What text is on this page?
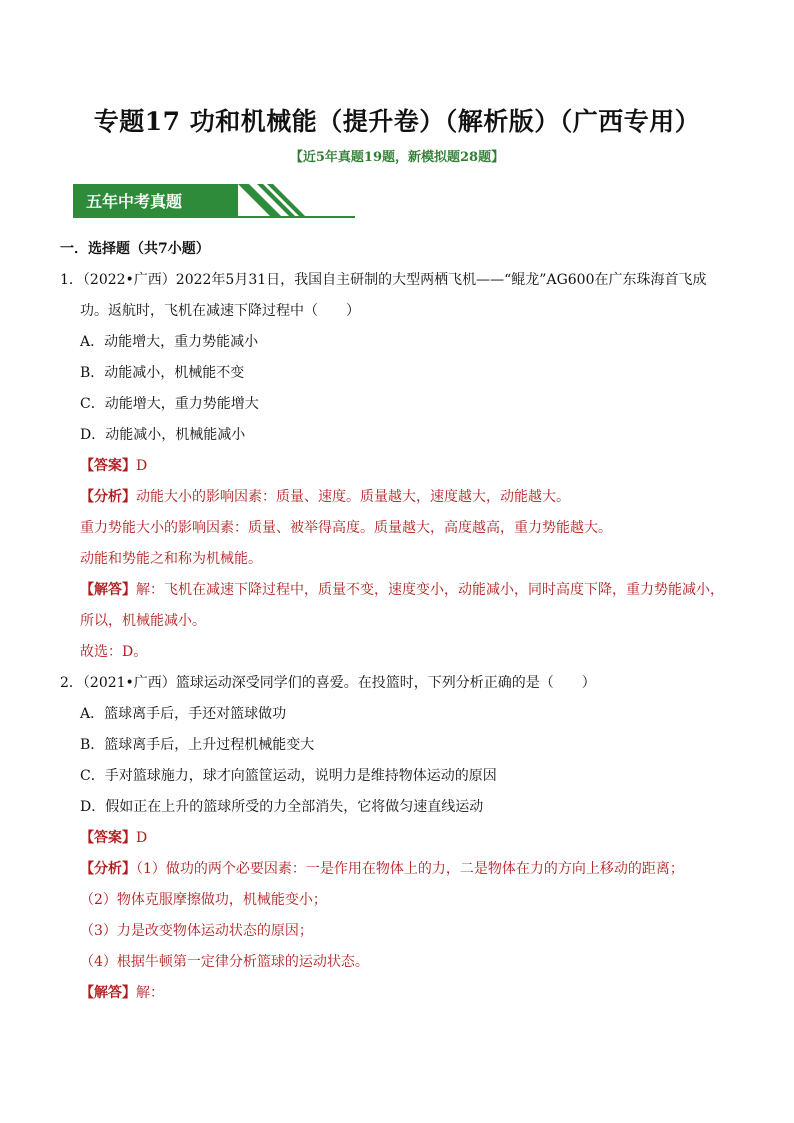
专题17 功和机械能（提升卷）（解析版）（广西专用）
【近5年真题19题，新模拟题28题】
五年中考真题
一．选择题（共7小题）
1．（2022•广西）2022年5月31日，我国自主研制的大型两栖飞机——“鲲龙”AG600在广东珠海首飞成
功。返航时，飞机在减速下降过程中（　　）
A．动能增大，重力势能减小
B．动能减小，机械能不变
C．动能增大，重力势能增大
D．动能减小，机械能减小
【答案】D
【分析】动能大小的影响因素：质量、速度。质量越大，速度越大，动能越大。
重力势能大小的影响因素：质量、被举得高度。质量越大，高度越高，重力势能越大。
动能和势能之和称为机械能。
【解答】解：飞机在减速下降过程中，质量不变，速度变小，动能减小，同时高度下降，重力势能减小，
所以，机械能减小。
故选：D。
2．（2021•广西）篮球运动深受同学们的喜爱。在投篮时，下列分析正确的是（　　）
A．篮球离手后，手还对篮球做功
B．篮球离手后，上升过程机械能变大
C．手对篮球施力，球才向篮筐运动，说明力是维持物体运动的原因
D．假如正在上升的篮球所受的力全部消失，它将做匀速直线运动
【答案】D
【分析】（1）做功的两个必要因素：一是作用在物体上的力，二是物体在力的方向上移动的距离；
（2）物体克服摩擦做功，机械能变小；
（3）力是改变物体运动状态的原因；
（4）根据牛顿第一定律分析篮球的运动状态。
【解答】解：
